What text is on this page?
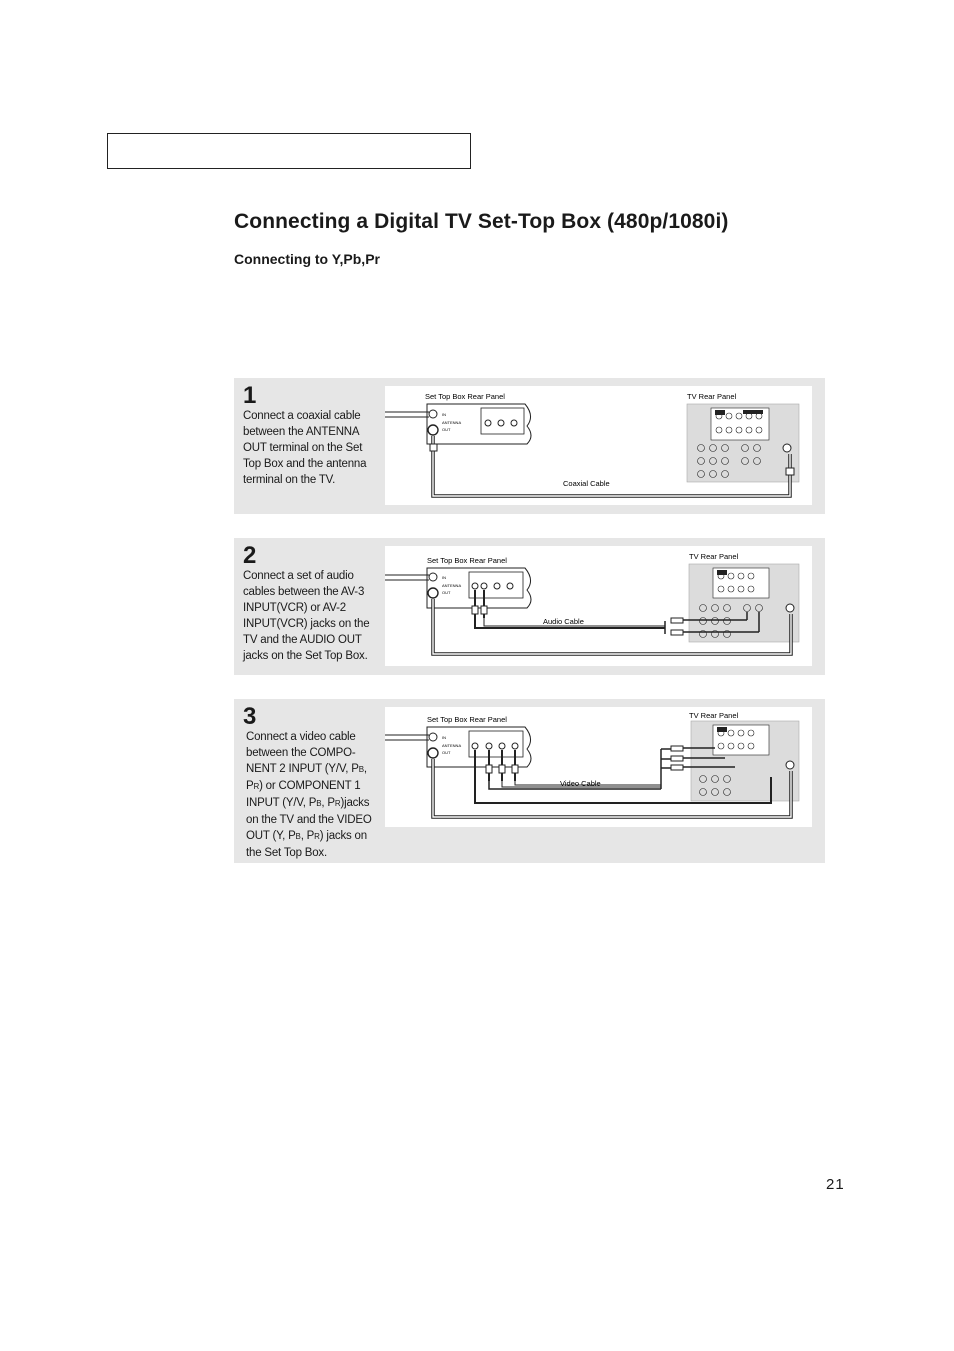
Connecting a Digital TV Set-Top Box (480p/1080i)
Connecting to Y,Pb,Pr
1
Connect a coaxial cable between the ANTENNA OUT terminal on the Set Top Box and the antenna terminal on the TV.
Set Top Box Rear Panel	TV Rear Panel
IN
ANTENNA
OUT
Coaxial Cable
2
Connect a set of audio cables between the AV-3 INPUT(VCR) or AV-2 INPUT(VCR) jacks on the TV and the AUDIO OUT jacks on the Set Top Box.
Set Top Box Rear Panel	TV Rear Panel
IN
ANTENNA
OUT
Audio Cable
3
Connect a video cable between the COMPO-NENT 2 INPUT (Y/V, PB, PR) or COMPONENT 1 INPUT (Y/V, PB, PR)jacks on the TV and the VIDEO OUT (Y, PB, PR) jacks on the Set Top Box.
Set Top Box Rear Panel	TV Rear Panel
IN
ANTENNA
OUT
Video Cable
21
